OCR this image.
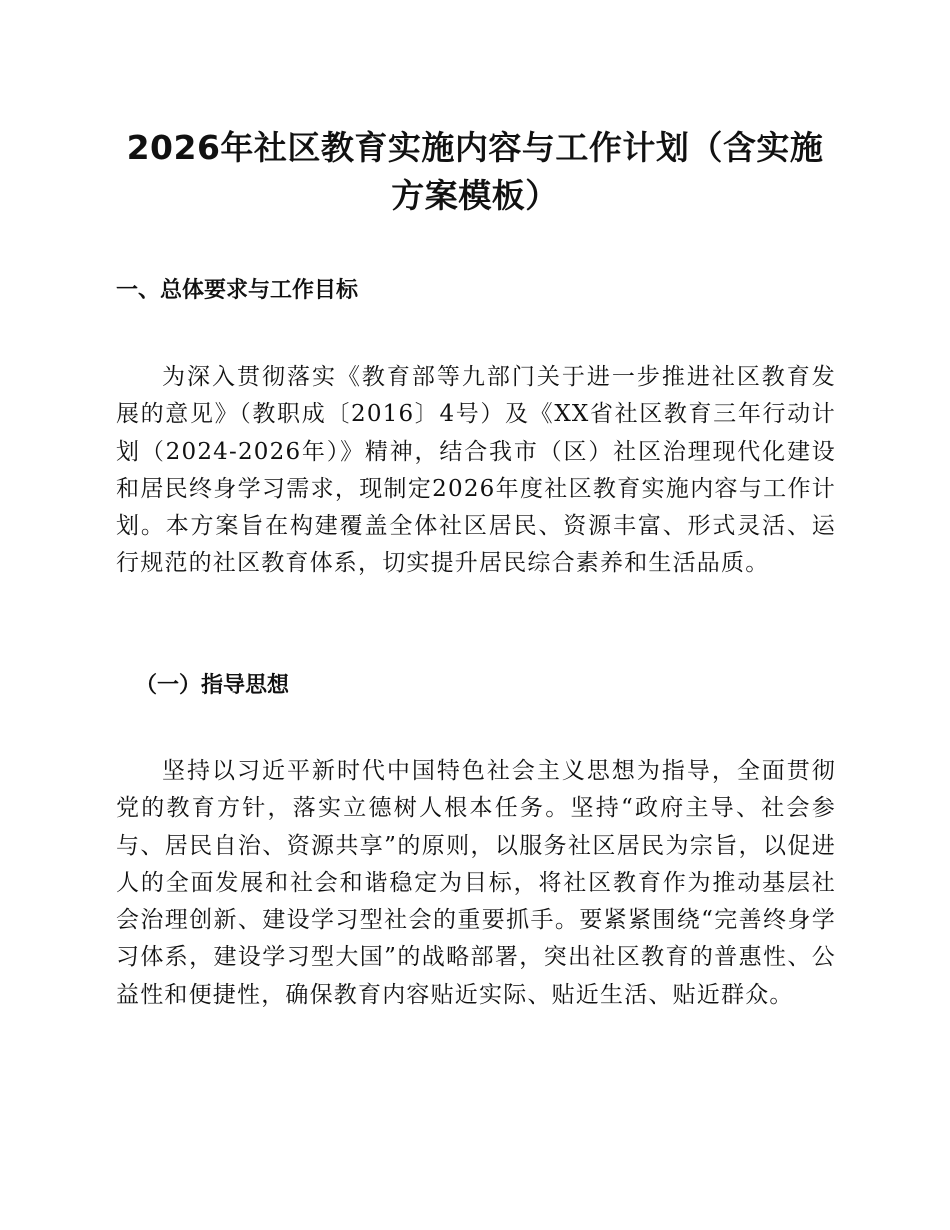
2026年社区教育实施内容与工作计划（含实施
方案模板）
一、总体要求与工作目标

为深入贯彻落实《教育部等九部门关于进一步推进社区教育发展的意见》（教职成〔2016〕4号）及《XX省社区教育三年行动计划（2024-2026年）》精神，结合我市（区）社区治理现代化建设和居民终身学习需求，现制定2026年度社区教育实施内容与工作计划。本方案旨在构建覆盖全体社区居民、资源丰富、形式灵活、运行规范的社区教育体系，切实提升居民综合素养和生活品质。

（一）指导思想

坚持以习近平新时代中国特色社会主义思想为指导，全面贯彻党的教育方针，落实立德树人根本任务。坚持“政府主导、社会参与、居民自治、资源共享”的原则，以服务社区居民为宗旨，以促进人的全面发展和社会和谐稳定为目标，将社区教育作为推动基层社会治理创新、建设学习型社会的重要抓手。要紧紧围绕“完善终身学习体系，建设学习型大国”的战略部署，突出社区教育的普惠性、公益性和便捷性，确保教育内容贴近实际、贴近生活、贴近群众。
